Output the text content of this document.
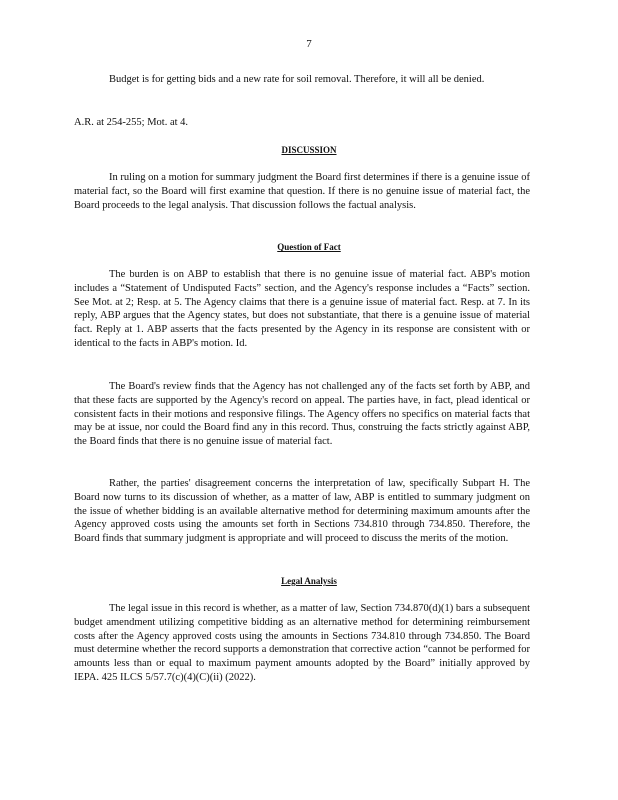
7

Budget is for getting bids and a new rate for soil removal. Therefore, it will all be denied.

A.R. at 254-255; Mot. at 4.

DISCUSSION

In ruling on a motion for summary judgment the Board first determines if there is a genuine issue of material fact, so the Board will first examine that question. If there is no genuine issue of material fact, the Board proceeds to the legal analysis. That discussion follows the factual analysis.

Question of Fact

The burden is on ABP to establish that there is no genuine issue of material fact. ABP's motion includes a “Statement of Undisputed Facts” section, and the Agency's response includes a “Facts” section. See Mot. at 2; Resp. at 5. The Agency claims that there is a genuine issue of material fact. Resp. at 7. In its reply, ABP argues that the Agency states, but does not substantiate, that there is a genuine issue of material fact. Reply at 1. ABP asserts that the facts presented by the Agency in its response are consistent with or identical to the facts in ABP's motion. Id.

The Board's review finds that the Agency has not challenged any of the facts set forth by ABP, and that these facts are supported by the Agency's record on appeal. The parties have, in fact, plead identical or consistent facts in their motions and responsive filings. The Agency offers no specifics on material facts that may be at issue, nor could the Board find any in this record. Thus, construing the facts strictly against ABP, the Board finds that there is no genuine issue of material fact.

Rather, the parties' disagreement concerns the interpretation of law, specifically Subpart H. The Board now turns to its discussion of whether, as a matter of law, ABP is entitled to summary judgment on the issue of whether bidding is an available alternative method for determining maximum amounts after the Agency approved costs using the amounts set forth in Sections 734.810 through 734.850. Therefore, the Board finds that summary judgment is appropriate and will proceed to discuss the merits of the motion.

Legal Analysis

The legal issue in this record is whether, as a matter of law, Section 734.870(d)(1) bars a subsequent budget amendment utilizing competitive bidding as an alternative method for determining reimbursement costs after the Agency approved costs using the amounts in Sections 734.810 through 734.850. The Board must determine whether the record supports a demonstration that corrective action “cannot be performed for amounts less than or equal to maximum payment amounts adopted by the Board” initially approved by IEPA. 425 ILCS 5/57.7(c)(4)(C)(ii) (2022).
